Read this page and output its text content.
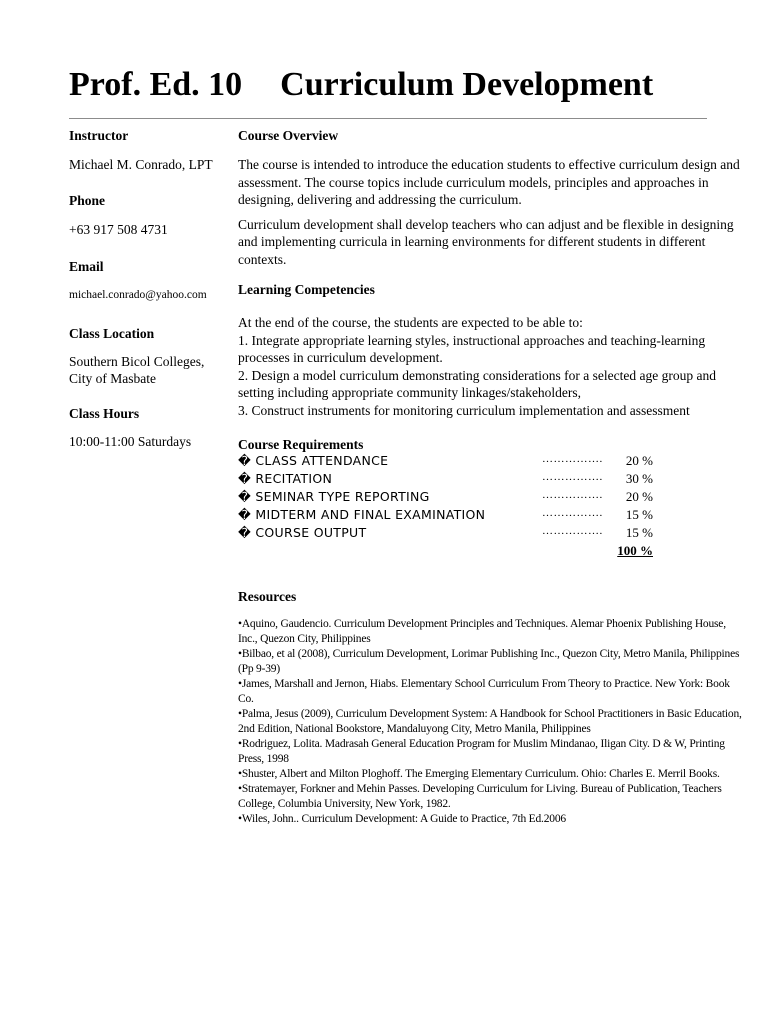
Prof. Ed. 10 Curriculum Development
Instructor
Michael M. Conrado, LPT
Phone
+63 917 508 4731
Email
michael.conrado@yahoo.com
Class Location
Southern Bicol Colleges,
City of Masbate
Class Hours
10:00-11:00 Saturdays
Course Overview

The course is intended to introduce the education students to effective curriculum design and assessment. The course topics include curriculum models, principles and approaches in designing, delivering and addressing the curriculum.

Curriculum development shall develop teachers who can adjust and be flexible in designing and implementing curricula in learning environments for different students in different contexts.

Learning Competencies

At the end of the course, the students are expected to be able to:

1. Integrate appropriate learning styles, instructional approaches and teaching-learning processes in curriculum development.

2. Design a model curriculum demonstrating considerations for a selected age group and setting including appropriate community linkages/stakeholders,

3. Construct instruments for monitoring curriculum implementation and assessment

Course Requirements
� CLASS ATTENDANCE	……………. 20 %
� RECITATION	……………. 30 %
� SEMINAR TYPE REPORTING	……………. 20 %
� MIDTERM AND FINAL EXAMINATION	……………. 15 %
� COURSE OUTPUT	……………. 15 %
100 %
Resources
•Aquino, Gaudencio. Curriculum Development Principles and Techniques. Alemar Phoenix Publishing House, Inc., Quezon City, Philippines
•Bilbao, et al (2008), Curriculum Development, Lorimar Publishing Inc., Quezon City, Metro Manila, Philippines (Pp 9-39)
•James, Marshall and Jernon, Hiabs. Elementary School Curriculum From Theory to Practice. New York: Book Co.
•Palma, Jesus (2009), Curriculum Development System: A Handbook for School Practitioners in Basic Education, 2nd Edition, National Bookstore, Mandaluyong City, Metro Manila, Philippines
•Rodriguez, Lolita. Madrasah General Education Program for Muslim Mindanao, Iligan City. D & W, Printing Press, 1998
•Shuster, Albert and Milton Ploghoff. The Emerging Elementary Curriculum. Ohio: Charles E. Merril Books.
•Stratemayer, Forkner and Mehin Passes. Developing Curriculum for Living. Bureau of Publication, Teachers College, Columbia University, New York, 1982.
•Wiles, John.. Curriculum Development: A Guide to Practice, 7th Ed.2006
